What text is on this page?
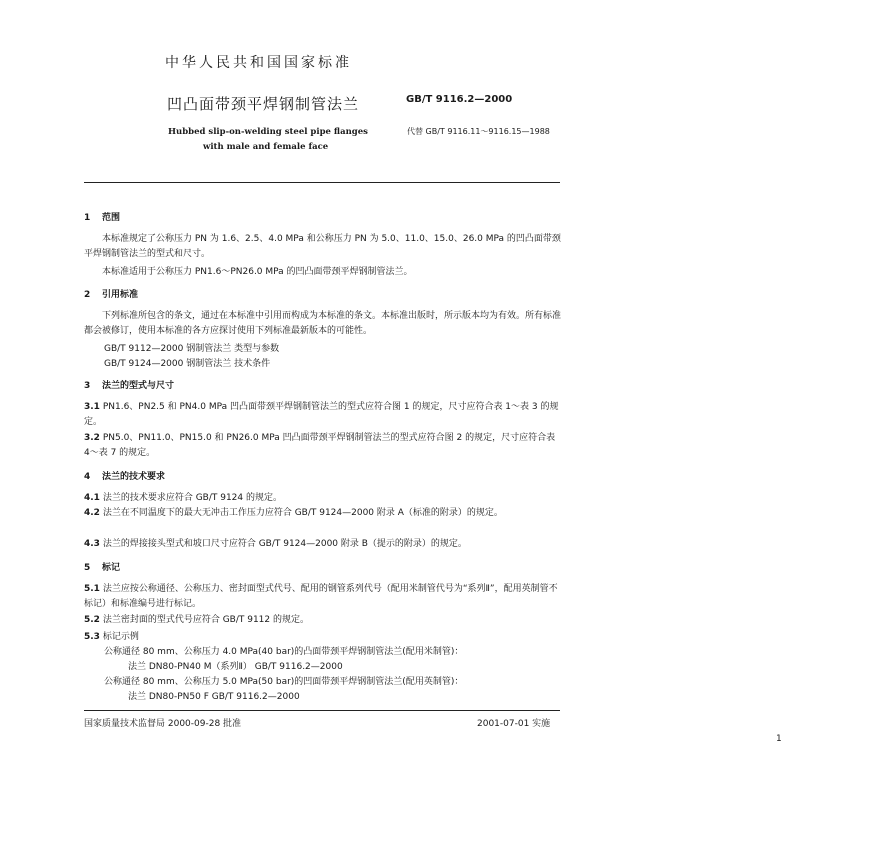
中华人民共和国国家标准
凹凸面带颈平焊钢制管法兰	GB/T 9116.2—2000
Hubbed slip-on-welding steel pipe flanges
with male and female face
代替 GB/T 9116.11～9116.15—1988
1 范围
本标准规定了公称压力 PN 为 1.6、2.5、4.0 MPa 和公称压力 PN 为 5.0、11.0、15.0、26.0 MPa 的凹凸面带颈平焊钢制管法兰的型式和尺寸。
本标准适用于公称压力 PN1.6～PN26.0 MPa 的凹凸面带颈平焊钢制管法兰。
2 引用标准
下列标准所包含的条文，通过在本标准中引用而构成为本标准的条文。本标准出版时，所示版本均为有效。所有标准都会被修订，使用本标准的各方应探讨使用下列标准最新版本的可能性。
GB/T 9112—2000 钢制管法兰 类型与参数
GB/T 9124—2000 钢制管法兰 技术条件
3 法兰的型式与尺寸
3.1 PN1.6、PN2.5 和 PN4.0 MPa 凹凸面带颈平焊钢制管法兰的型式应符合图 1 的规定，尺寸应符合表 1～表 3 的规定。
3.2 PN5.0、PN11.0、PN15.0 和 PN26.0 MPa 凹凸面带颈平焊钢制管法兰的型式应符合图 2 的规定，尺寸应符合表 4～表 7 的规定。
4 法兰的技术要求
4.1 法兰的技术要求应符合 GB/T 9124 的规定。
4.2 法兰在不同温度下的最大无冲击工作压力应符合 GB/T 9124—2000 附录 A（标准的附录）的规定。
4.3 法兰的焊接接头型式和坡口尺寸应符合 GB/T 9124—2000 附录 B（提示的附录）的规定。
5 标记
5.1 法兰应按公称通径、公称压力、密封面型式代号、配用的钢管系列代号（配用米制管代号为“系列Ⅱ”，配用英制管不标记）和标准编号进行标记。
5.2 法兰密封面的型式代号应符合 GB/T 9112 的规定。
5.3 标记示例
公称通径 80 mm、公称压力 4.0 MPa(40 bar)的凸面带颈平焊钢制管法兰(配用米制管)：
法兰 DN80-PN40 M（系列Ⅱ） GB/T 9116.2—2000
公称通径 80 mm、公称压力 5.0 MPa(50 bar)的凹面带颈平焊钢制管法兰(配用英制管)：
法兰 DN80-PN50 F GB/T 9116.2—2000
国家质量技术监督局 2000-09-28 批准	2001-07-01 实施
1
